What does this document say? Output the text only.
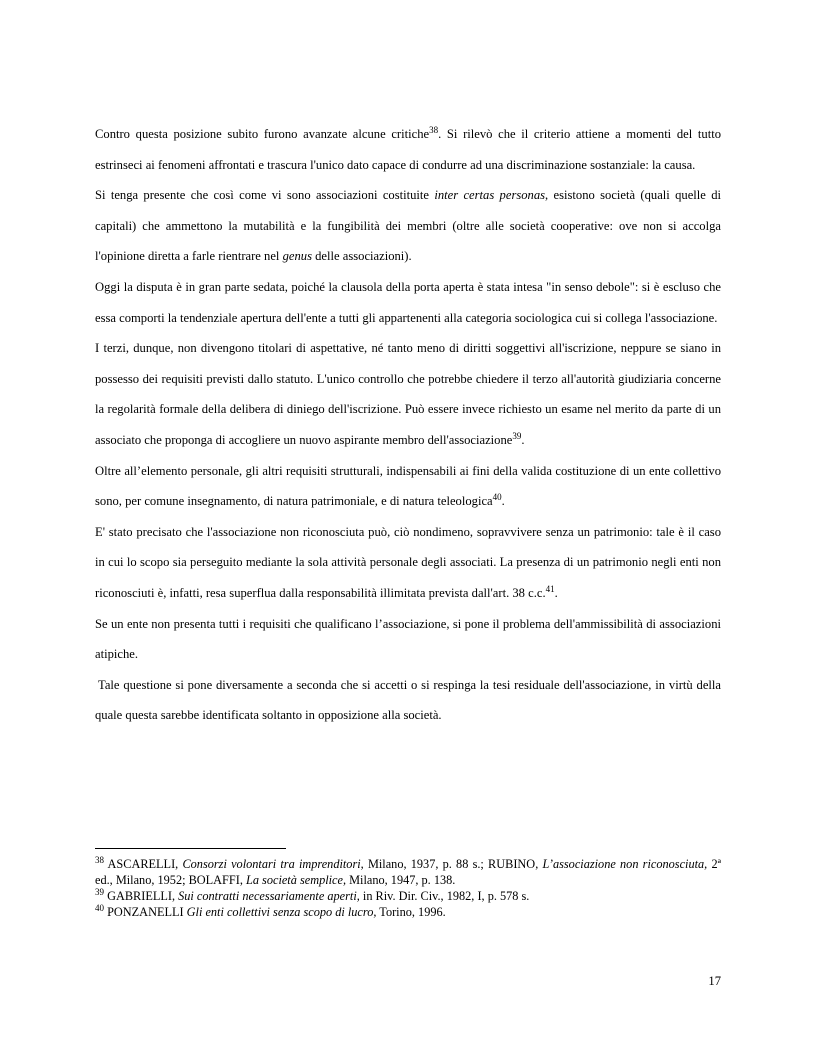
Contro questa posizione subito furono avanzate alcune critiche$^{38}$. Si rilevò che il criterio attiene a momenti del tutto estrinseci ai fenomeni affrontati e trascura l'unico dato capace di condurre ad una discriminazione sostanziale: la causa.

Si tenga presente che così come vi sono associazioni costituite inter certas personas, esistono società (quali quelle di capitali) che ammettono la mutabilità e la fungibilità dei membri (oltre alle società cooperative: ove non si accolga l'opinione diretta a farle rientrare nel genus delle associazioni).

Oggi la disputa è in gran parte sedata, poiché la clausola della porta aperta è stata intesa "in senso debole": si è escluso che essa comporti la tendenziale apertura dell'ente a tutti gli appartenenti alla categoria sociologica cui si collega l'associazione.

I terzi, dunque, non divengono titolari di aspettative, né tanto meno di diritti soggettivi all'iscrizione, neppure se siano in possesso dei requisiti previsti dallo statuto. L'unico controllo che potrebbe chiedere il terzo all'autorità giudiziaria concerne la regolarità formale della delibera di diniego dell'iscrizione. Può essere invece richiesto un esame nel merito da parte di un associato che proponga di accogliere un nuovo aspirante membro dell'associazione$^{39}$.

Oltre all’elemento personale, gli altri requisiti strutturali, indispensabili ai fini della valida costituzione di un ente collettivo sono, per comune insegnamento, di natura patrimoniale, e di natura teleologica$^{40}$.

E' stato precisato che l'associazione non riconosciuta può, ciò nondimeno, sopravvivere senza un patrimonio: tale è il caso in cui lo scopo sia perseguito mediante la sola attività personale degli associati. La presenza di un patrimonio negli enti non riconosciuti è, infatti, resa superflua dalla responsabilità illimitata prevista dall'art. 38 c.c.$^{41}$.

Se un ente non presenta tutti i requisiti che qualificano l’associazione, si pone il problema dell'ammissibilità di associazioni atipiche.

Tale questione si pone diversamente a seconda che si accetti o si respinga la tesi residuale dell'associazione, in virtù della quale questa sarebbe identificata soltanto in opposizione alla società.

$^{38}$ ASCARELLI, Consorzi volontari tra imprenditori, Milano, 1937, p. 88 s.; RUBINO, L’associazione non riconosciuta, 2ª ed., Milano, 1952; BOLAFFI, La società semplice, Milano, 1947, p. 138.

$^{39}$ GABRIELLI, Sui contratti necessariamente aperti, in Riv. Dir. Civ., 1982, I, p. 578 s.

$^{40}$ PONZANELLI Gli enti collettivi senza scopo di lucro, Torino, 1996.

17
